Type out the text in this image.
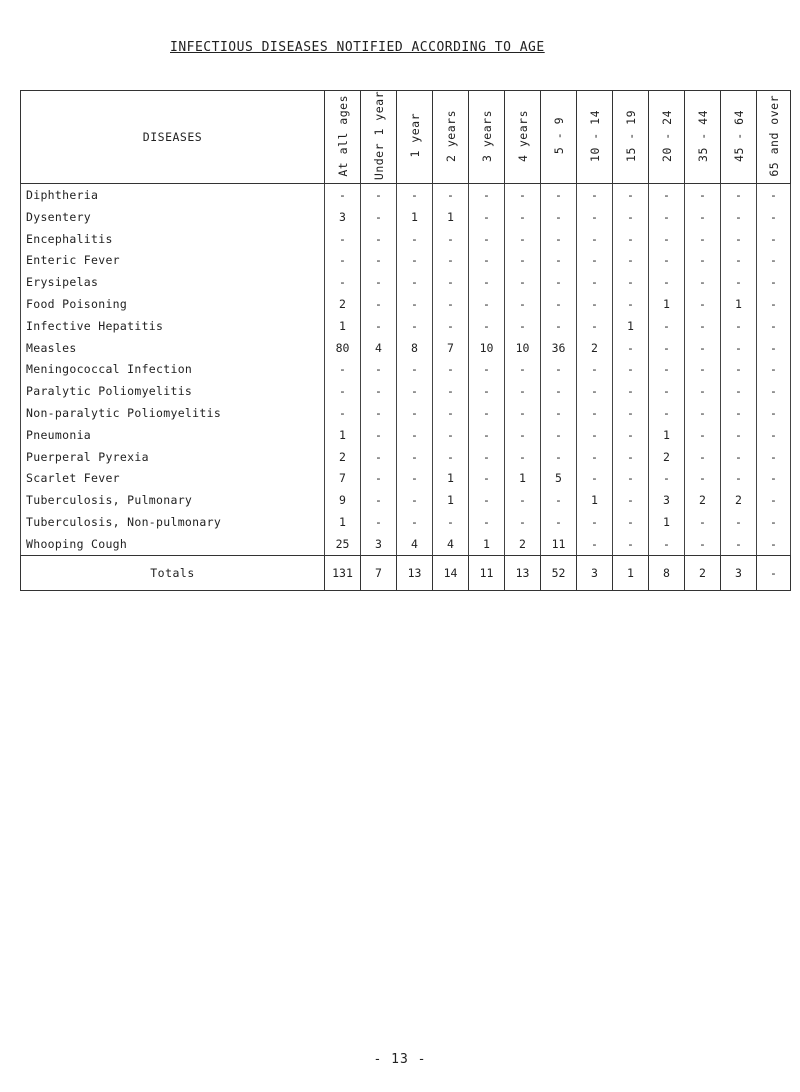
INFECTIOUS DISEASES NOTIFIED ACCORDING TO AGE
DISEASES	At all ages	Under 1 year	1 year	2 years	3 years	4 years	5 - 9	10 - 14	15 - 19	20 - 24	35 - 44	45 - 64	65 and over
Diphtheria	-	-	-	-	-	-	-	-	-	-	-	-	-
Dysentery	3	-	1	1	-	-	-	-	-	-	-	-	-
Encephalitis	-	-	-	-	-	-	-	-	-	-	-	-	-
Enteric Fever	-	-	-	-	-	-	-	-	-	-	-	-	-
Erysipelas	-	-	-	-	-	-	-	-	-	-	-	-	-
Food Poisoning	2	-	-	-	-	-	-	-	-	1	-	1	-
Infective Hepatitis	1	-	-	-	-	-	-	-	1	-	-	-	-
Measles	80	4	8	7	10	10	36	2	-	-	-	-	-
Meningococcal Infection	-	-	-	-	-	-	-	-	-	-	-	-	-
Paralytic Poliomyelitis	-	-	-	-	-	-	-	-	-	-	-	-	-
Non-paralytic Poliomyelitis	-	-	-	-	-	-	-	-	-	-	-	-	-
Pneumonia	1	-	-	-	-	-	-	-	-	1	-	-	-
Puerperal Pyrexia	2	-	-	-	-	-	-	-	-	2	-	-	-
Scarlet Fever	7	-	-	1	-	1	5	-	-	-	-	-	-
Tuberculosis, Pulmonary	9	-	-	1	-	-	-	1	-	3	2	2	-
Tuberculosis, Non-pulmonary	1	-	-	-	-	-	-	-	-	1	-	-	-
Whooping Cough	25	3	4	4	1	2	11	-	-	-	-	-	-
Totals	131	7	13	14	11	13	52	3	1	8	2	3	-
- 13 -
